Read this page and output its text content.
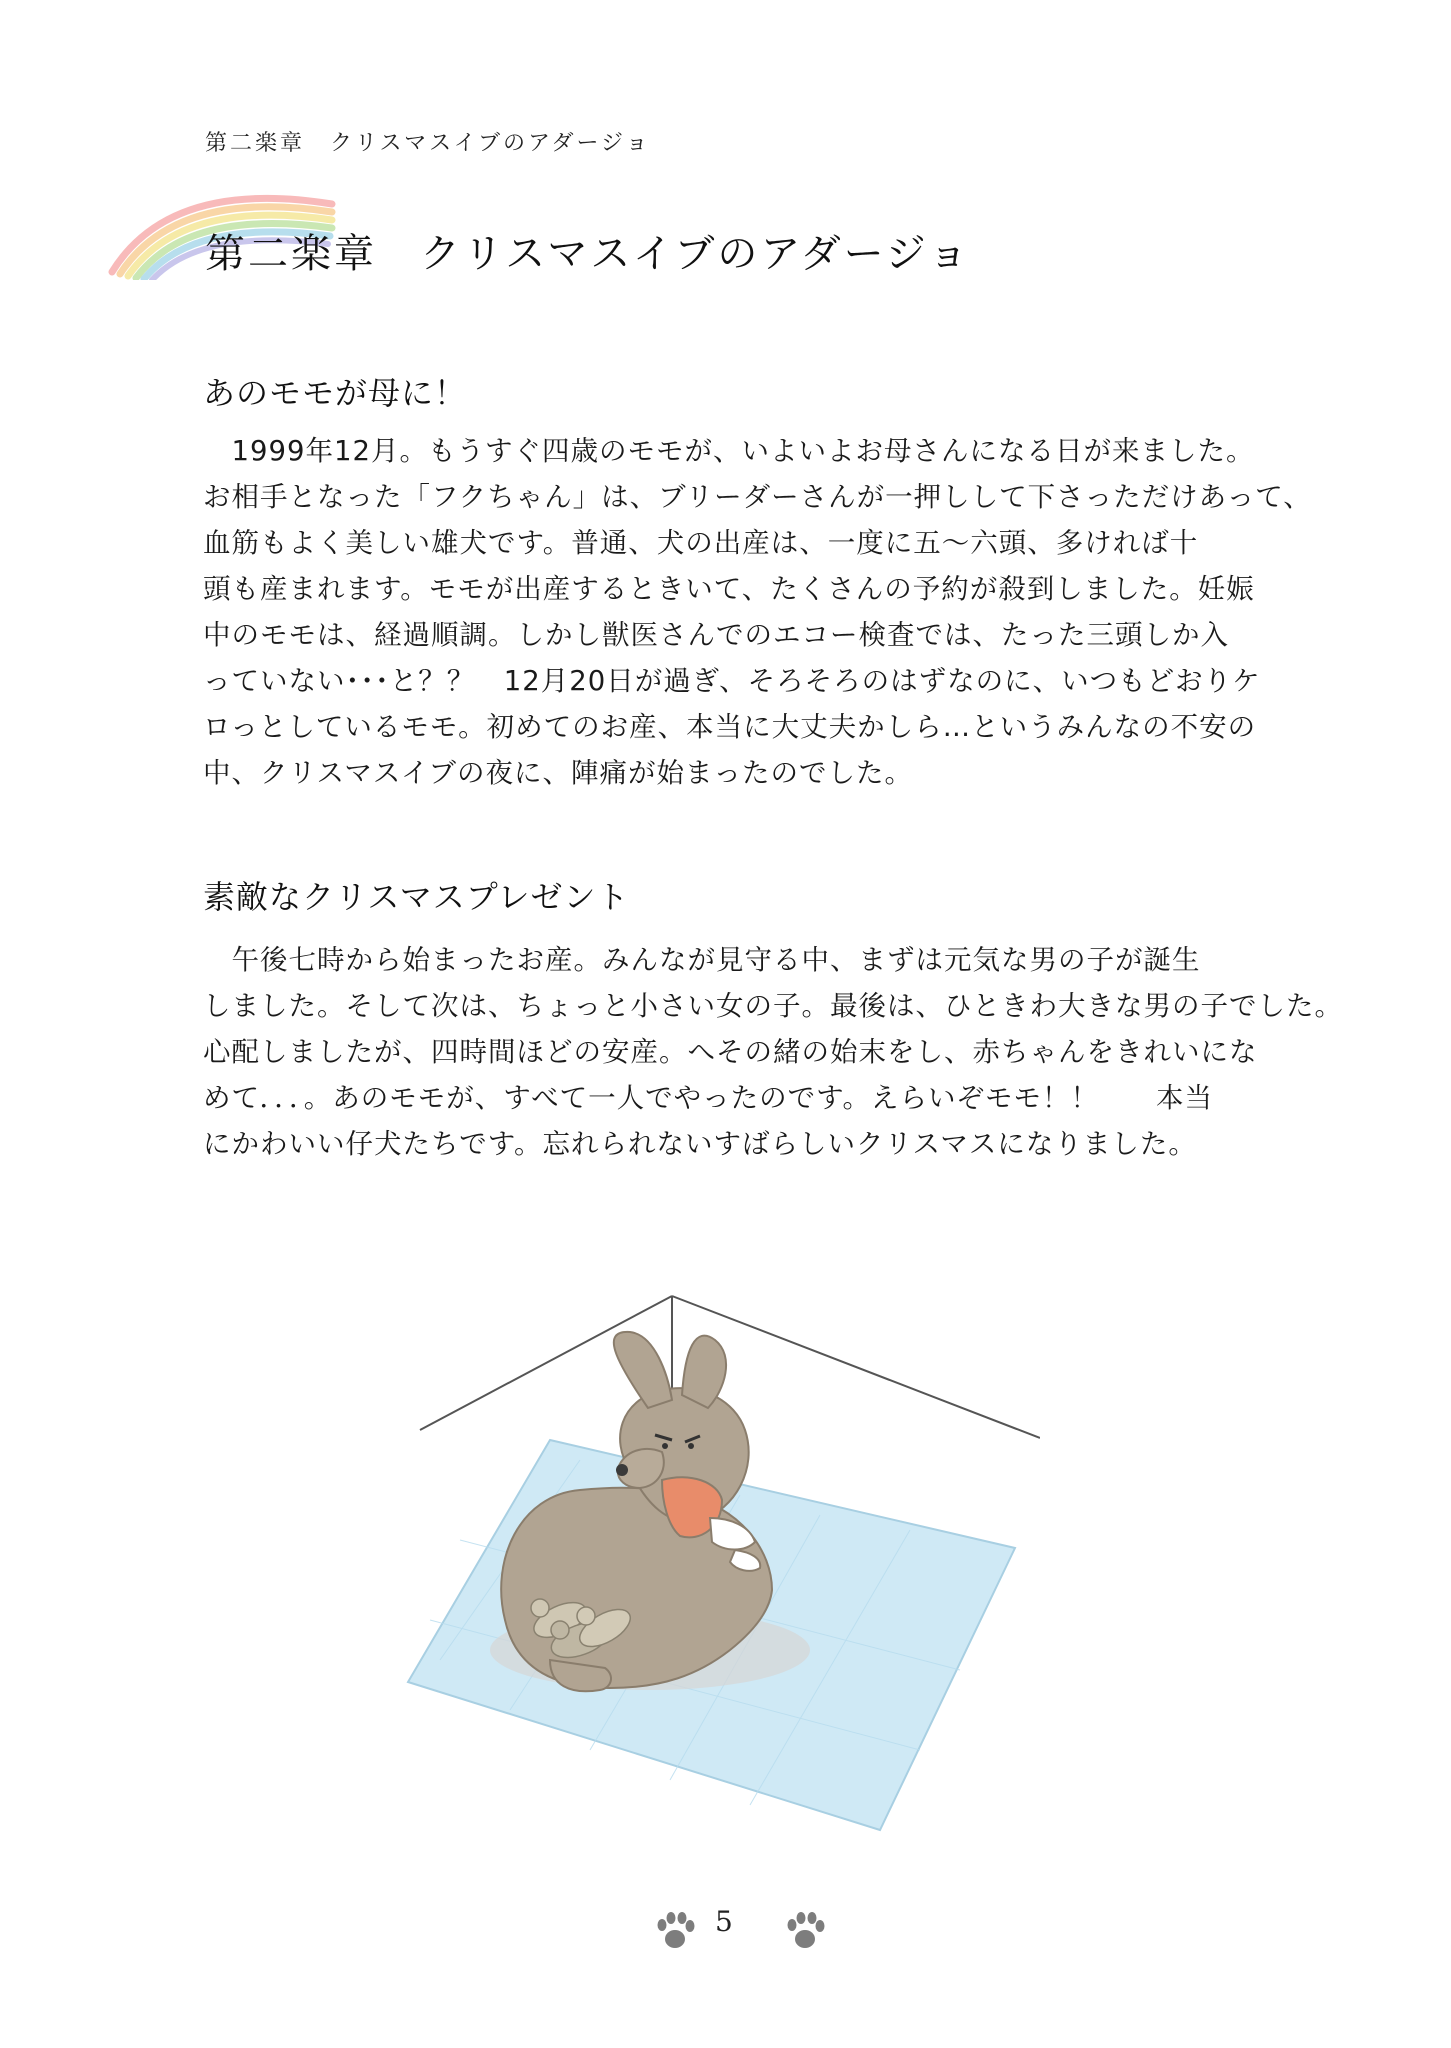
第二楽章　クリスマスイブのアダージョ
第二楽章　クリスマスイブのアダージョ
あのモモが母に！
　1999年12月。もうすぐ四歳のモモが、いよいよお母さんになる日が来ました。
お相手となった「フクちゃん」は、ブリーダーさんが一押しして下さっただけあって、
血筋もよく美しい雄犬です。普通、犬の出産は、一度に五〜六頭、多ければ十
頭も産まれます。モモが出産するときいて、たくさんの予約が殺到しました。妊娠
中のモモは、経過順調。しかし獣医さんでのエコー検査では、たった三頭しか入
っていない･･･と？？　12月20日が過ぎ、そろそろのはずなのに、いつもどおりケ
ロっとしているモモ。初めてのお産、本当に大丈夫かしら…というみんなの不安の
中、クリスマスイブの夜に、陣痛が始まったのでした。
素敵なクリスマスプレゼント
　午後七時から始まったお産。みんなが見守る中、まずは元気な男の子が誕生
しました。そして次は、ちょっと小さい女の子。最後は、ひときわ大きな男の子でした。
心配しましたが、四時間ほどの安産。へその緒の始末をし、赤ちゃんをきれいにな
めて．．．。あのモモが、すべて一人でやったのです。えらいぞモモ！！　　本当
にかわいい仔犬たちです。忘れられないすばらしいクリスマスになりました。
5
